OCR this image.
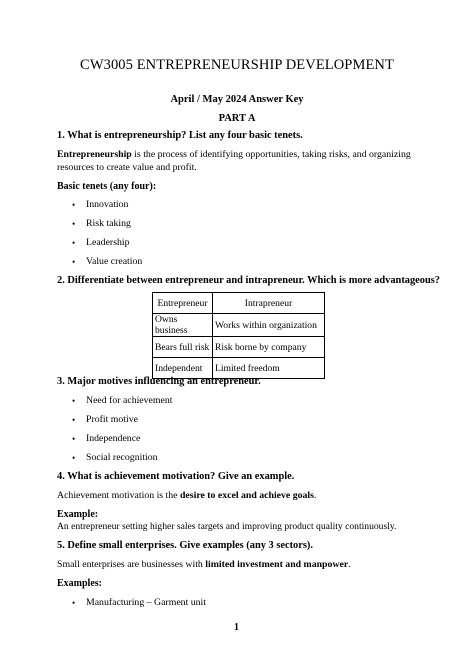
CW3005 ENTREPRENEURSHIP DEVELOPMENT
April / May 2024 Answer Key
PART A
1. What is entrepreneurship? List any four basic tenets.
Entrepreneurship is the process of identifying opportunities, taking risks, and organizing
resources to create value and profit.
Basic tenets (any four):
• Innovation
• Risk taking
• Leadership
• Value creation
2. Differentiate between entrepreneur and intrapreneur. Which is more advantageous?
Entrepreneur	Intrapreneur
Owns business	Works within organization
Bears full risk	Risk borne by company
Independent	Limited freedom
3. Major motives influencing an entrepreneur.
• Need for achievement
• Profit motive
• Independence
• Social recognition
4. What is achievement motivation? Give an example.
Achievement motivation is the desire to excel and achieve goals.
Example:
An entrepreneur setting higher sales targets and improving product quality continuously.
5. Define small enterprises. Give examples (any 3 sectors).
Small enterprises are businesses with limited investment and manpower.
Examples:
• Manufacturing – Garment unit
1
